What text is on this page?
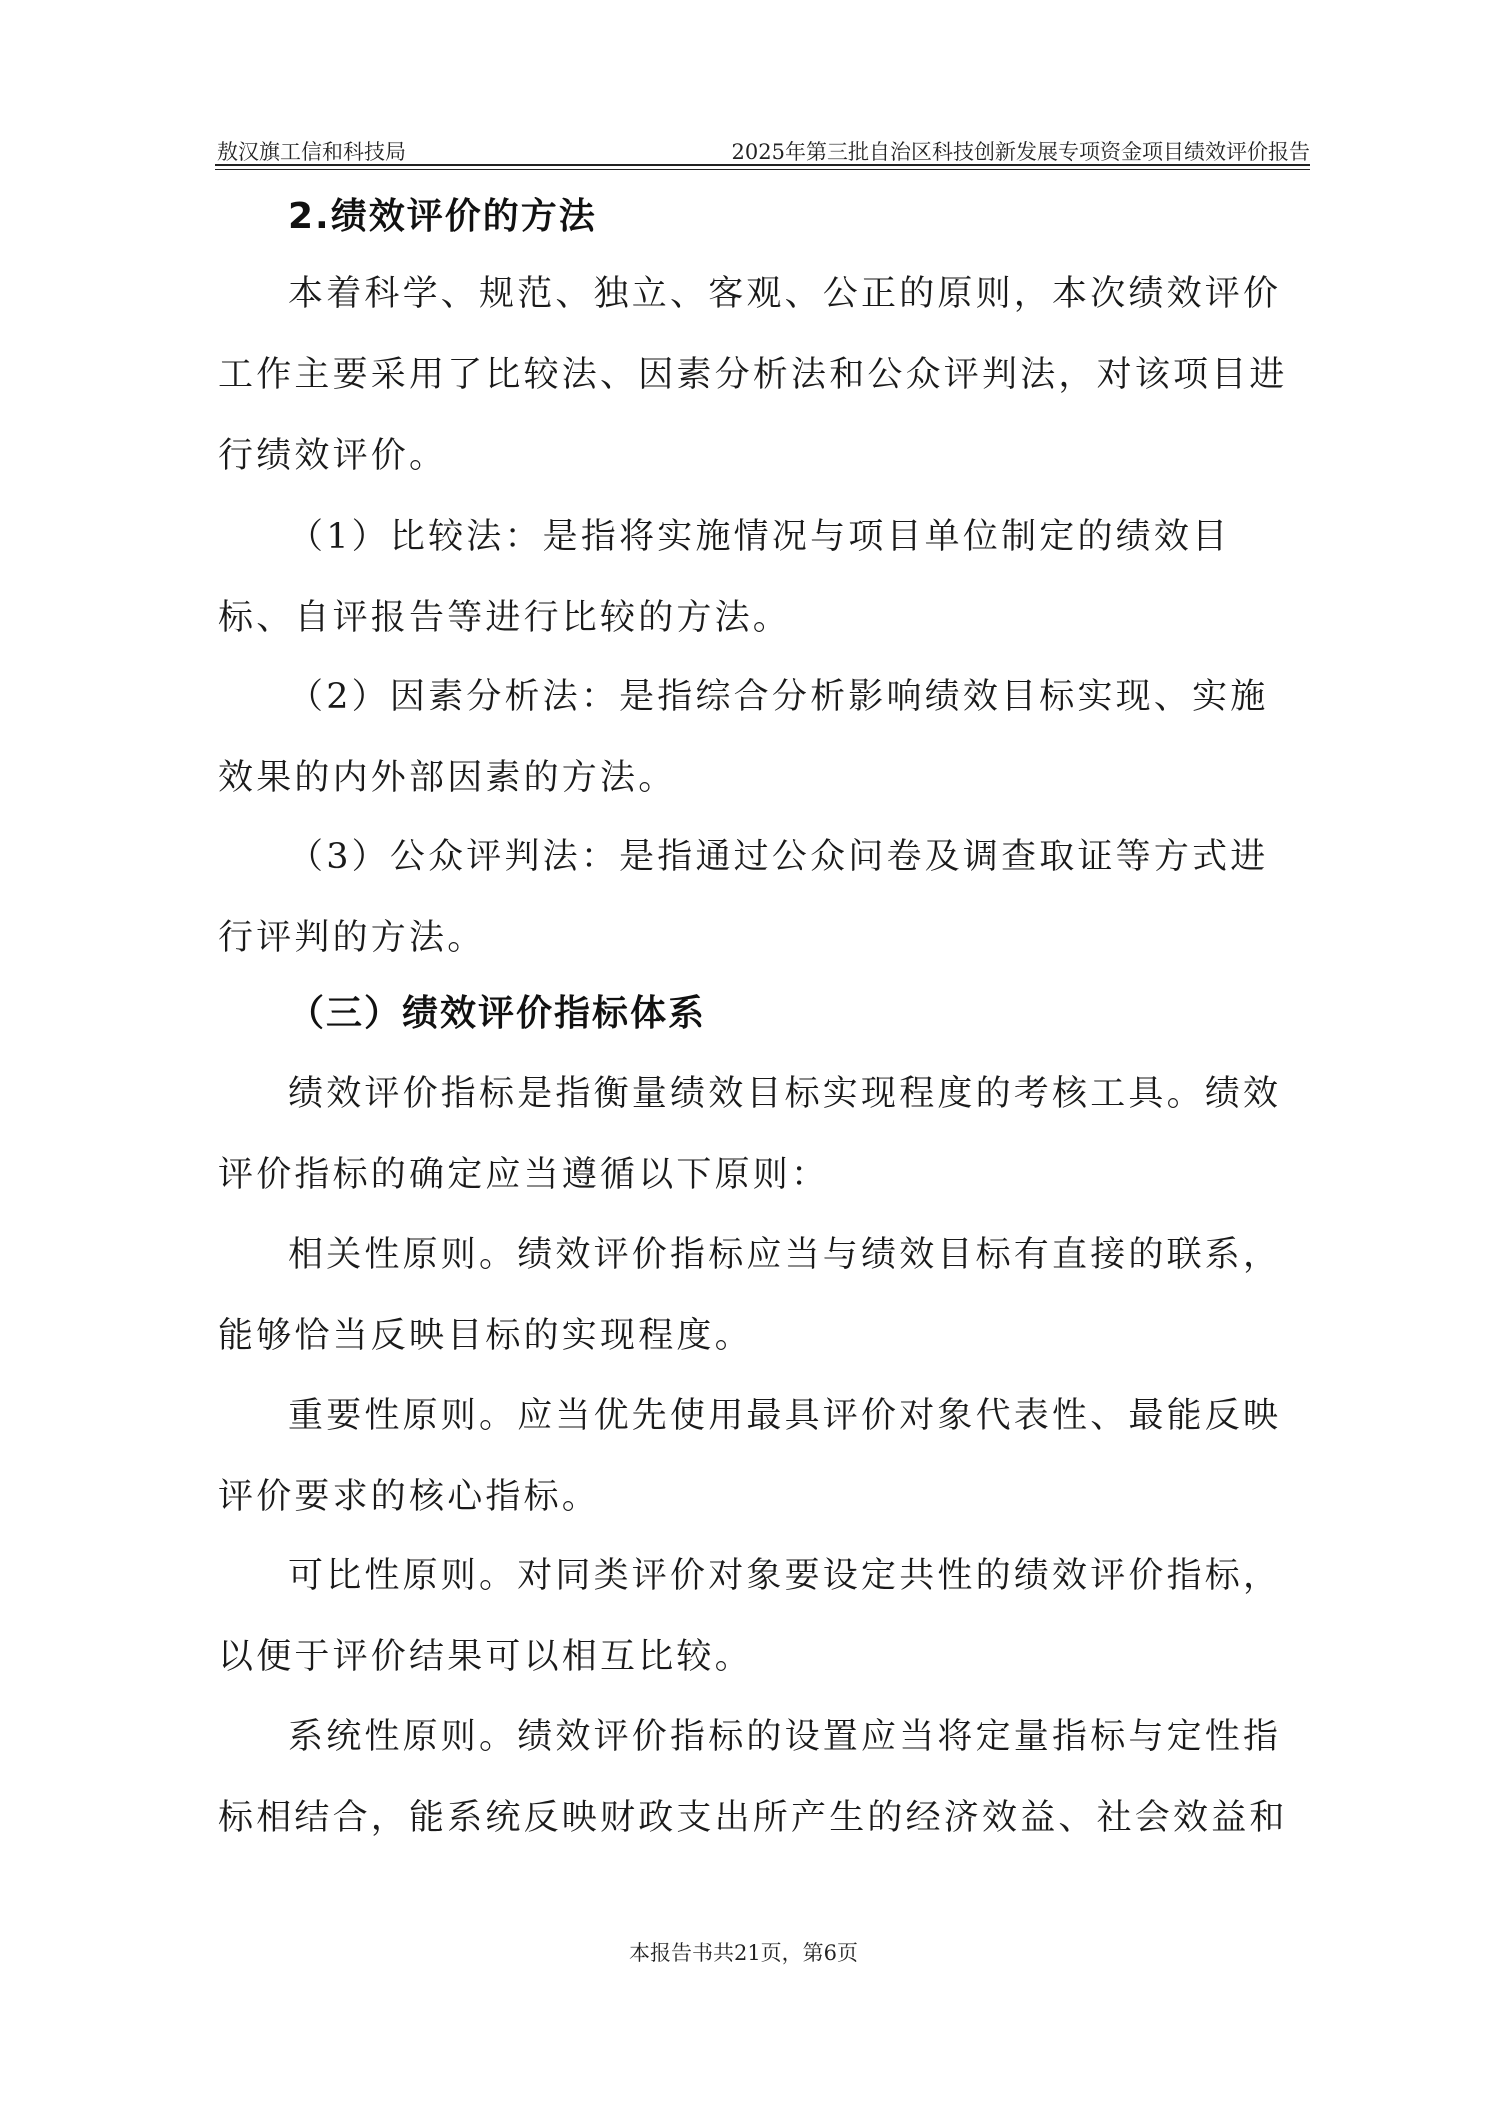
敖汉旗工信和科技局	2025年第三批自治区科技创新发展专项资金项目绩效评价报告
2.绩效评价的方法
本着科学、规范、独立、客观、公正的原则，本次绩效评价
工作主要采用了比较法、因素分析法和公众评判法，对该项目进
行绩效评价。
（1）比较法：是指将实施情况与项目单位制定的绩效目
标、自评报告等进行比较的方法。
（2）因素分析法：是指综合分析影响绩效目标实现、实施
效果的内外部因素的方法。
（3）公众评判法：是指通过公众问卷及调查取证等方式进
行评判的方法。
（三）绩效评价指标体系
绩效评价指标是指衡量绩效目标实现程度的考核工具。绩效
评价指标的确定应当遵循以下原则：
相关性原则。绩效评价指标应当与绩效目标有直接的联系，
能够恰当反映目标的实现程度。
重要性原则。应当优先使用最具评价对象代表性、最能反映
评价要求的核心指标。
可比性原则。对同类评价对象要设定共性的绩效评价指标，
以便于评价结果可以相互比较。
系统性原则。绩效评价指标的设置应当将定量指标与定性指
标相结合，能系统反映财政支出所产生的经济效益、社会效益和
本报告书共21页，第6页
